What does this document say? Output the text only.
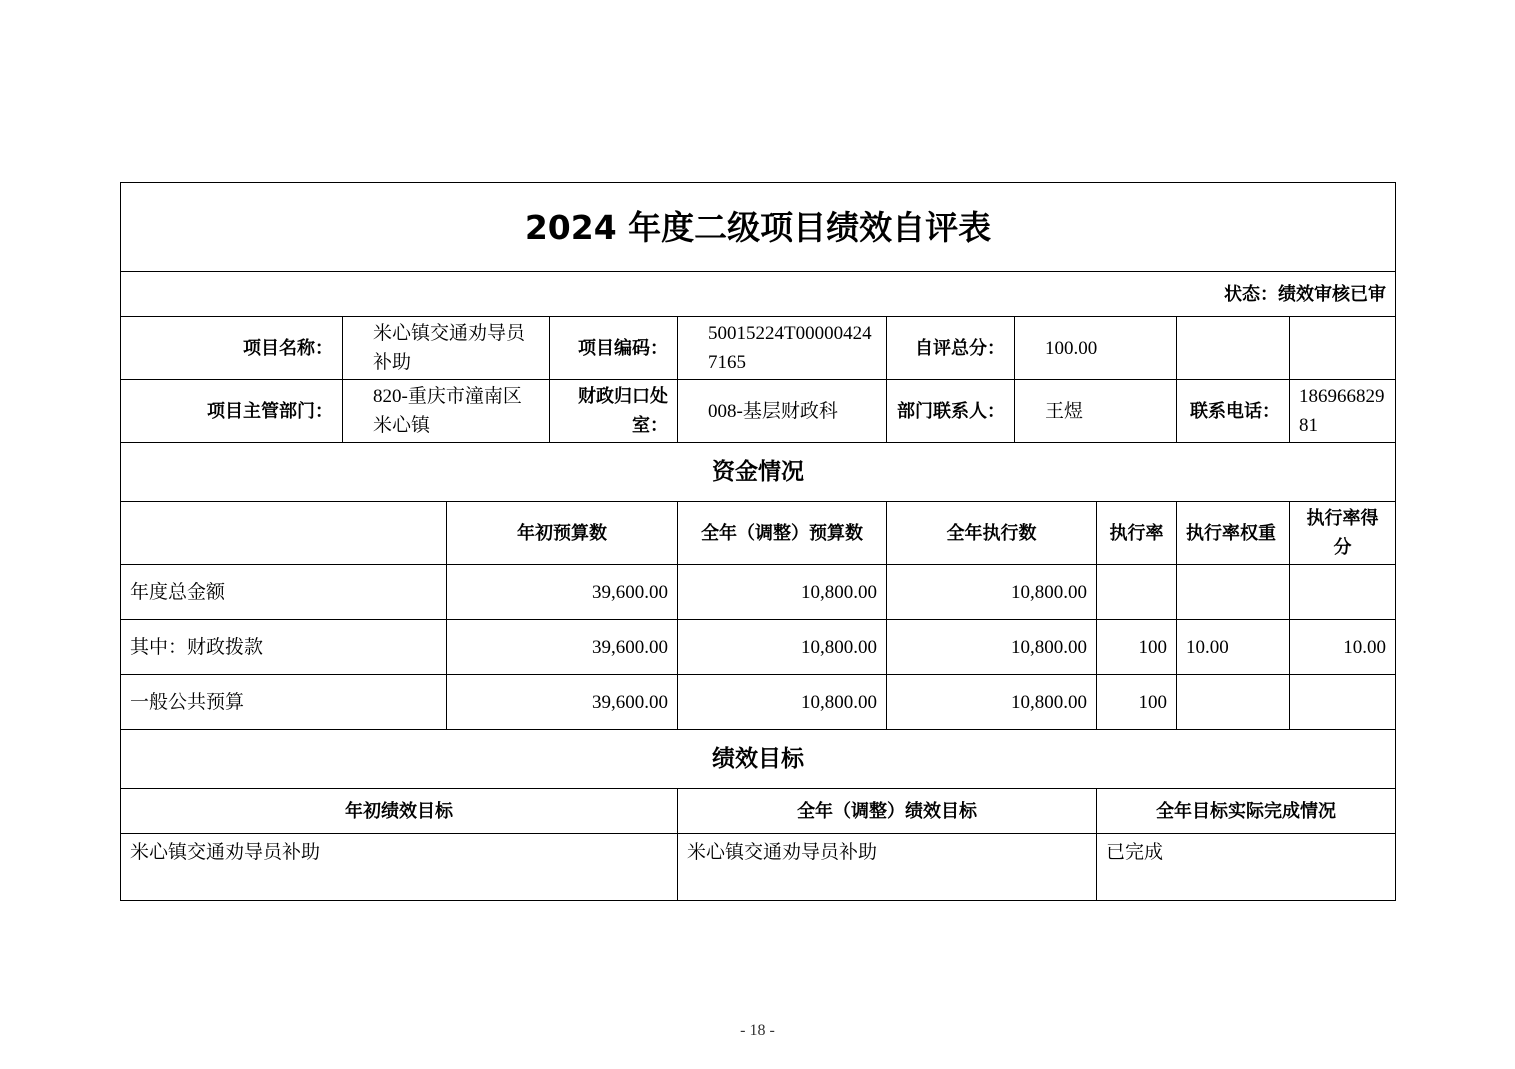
2024 年度二级项目绩效自评表									
状态：绩效审核已审									
项目名称：	米心镇交通劝导员补助		项目编码：	50015224T000004247165	自评总分：	100.00			
项目主管部门：	820-重庆市潼南区米心镇		财政归口处室：	008-基层财政科	部门联系人：	王煜		联系电话：	18696682981
资金情况									
		年初预算数		全年（调整）预算数	全年执行数		执行率	执行率权重	执行率得分
年度总金额		39,600.00		10,800.00	10,800.00				
其中：财政拨款		39,600.00		10,800.00	10,800.00		100	10.00	10.00
一般公共预算		39,600.00		10,800.00	10,800.00		100		
绩效目标									
年初绩效目标				全年（调整）绩效目标			全年目标实际完成情况		
米心镇交通劝导员补助				米心镇交通劝导员补助			已完成		
- 18 -
